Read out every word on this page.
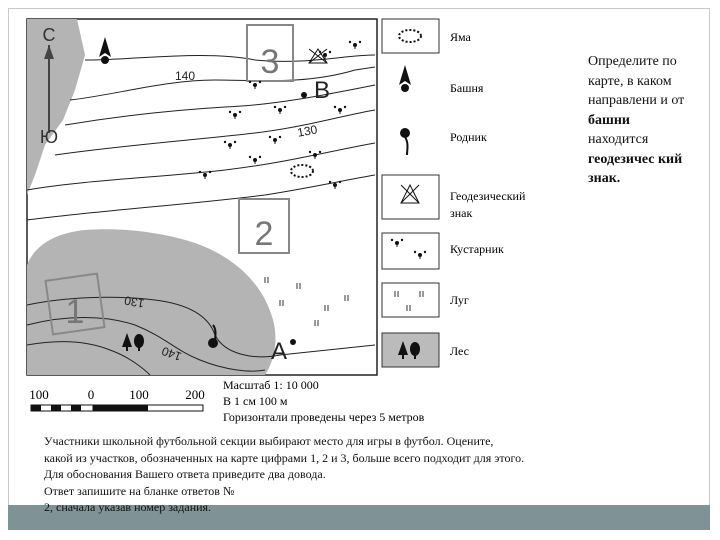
140
130
130
140
С
Ю
3
В
2
1
А
Яма
Башня
Родник
Геодезический
знак
Кустарник
Луг
Лес
100	0	100	200
Масштаб 1: 10 000
В 1 см 100 м
Горизонтали проведены через 5 метров
Определите по карте, в каком направлени и от башни находится геодезичес кий знак.
Участники школьной футбольной секции выбирают место для игры в футбол. Оцените,
какой из участков, обозначенных на карте цифрами 1, 2 и 3, больше всего подходит для этого.
Для обоснования Вашего ответа приведите два довода.
Ответ запишите на бланке ответов №
2, сначала указав номер задания.
